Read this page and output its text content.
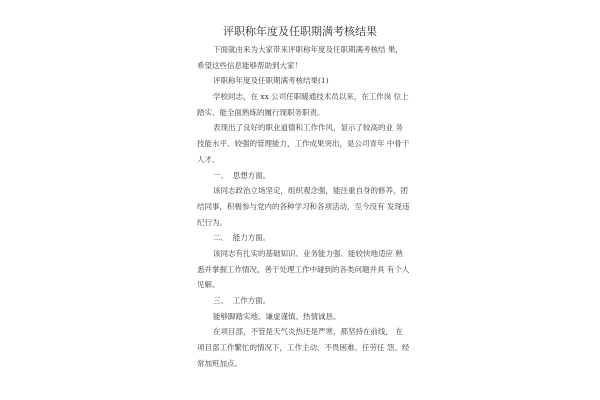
评职称年度及任职期满考核结果
下面就由来为大家带来评职称年度及任职期满考核结 果，
希望这些信息能够帮助到大家！
评职称年度及任职期满考核结果(1)
学校同志，在 xx 公司任职暖通技术员以来，在工作岗 位上
踏实、能全面熟练的履行现职务职责。
表现出了良好的职业道德和工作作风，显示了较高的业 务
技能水平、较强的管理能力，工作成果突出，是公司青年 中骨干
人才。
一、  思想方面。
该同志政治立场坚定，组织观念强，能注重自身的修养，团
结同事，积极参与党内的各种学习和各项活动，至今没有 发现违
纪行为。
二、  能力方面。
该同志有扎实的基础知识、业务能力强、能较快地适应 熟
悉并掌握工作情况，善于处理工作中碰到的各类问题并具 有个人
见解。
三、  工作方面。
能够脚踏实地、谦虚谨慎、热情诚恳。
在项目部，不管是天气炎热还是严寒，都坚持在前线， 在
项目部工作繁忙的情况下，工作主动、不畏困难、任劳任 怨、经
常加班加点。
